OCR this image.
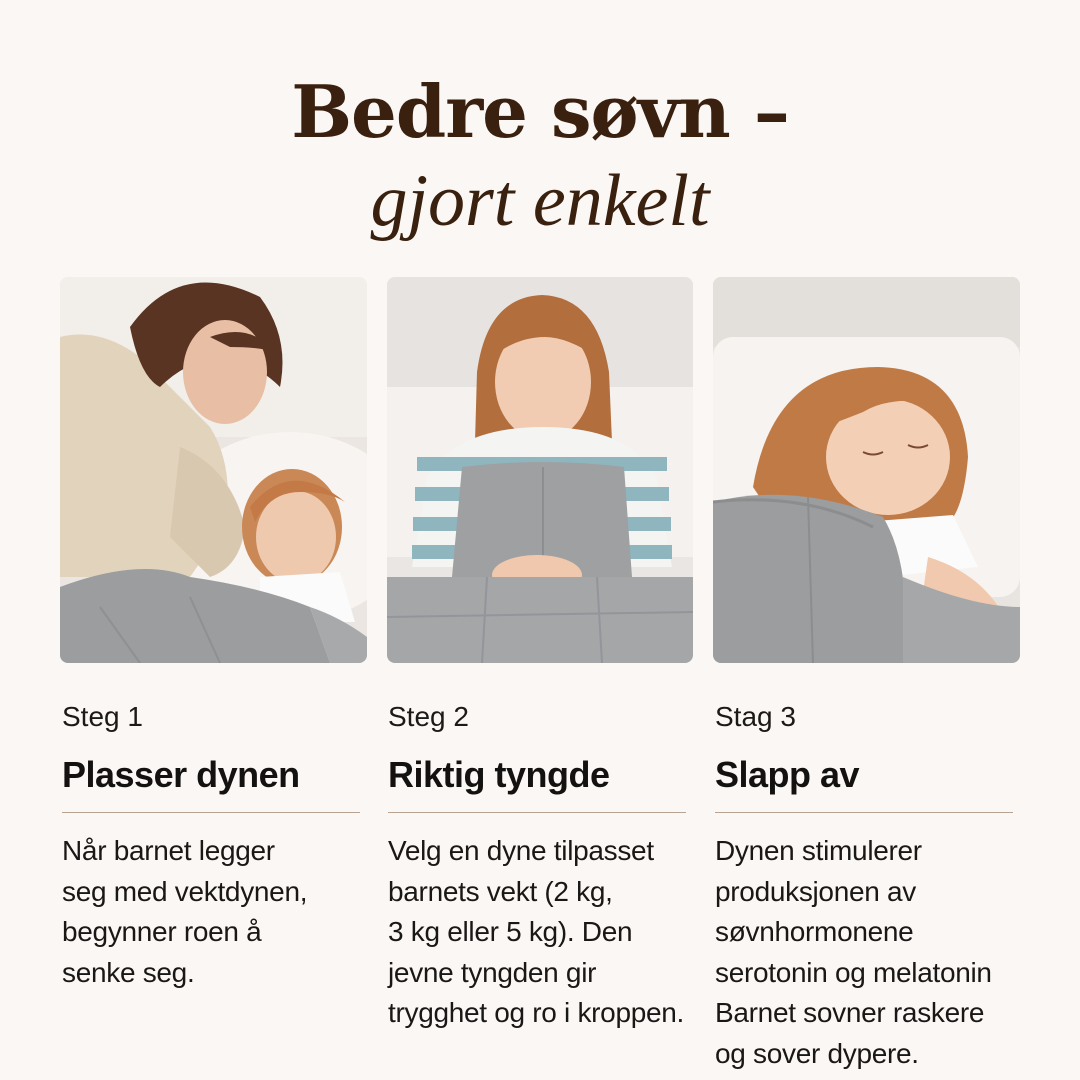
Bedre søvn –
gjort enkelt
Steg 1
Plasser dynen
Når barnet legger
seg med vektdynen,
begynner roen å
senke seg.
Steg 2
Riktig tyngde
Velg en dyne tilpasset
barnets vekt (2 kg,
3 kg eller 5 kg). Den
jevne tyngden gir
trygghet og ro i kroppen.
Stag 3
Slapp av
Dynen stimulerer
produksjonen av
søvnhormonene
serotonin og melatonin
Barnet sovner raskere
og sover dypere.
